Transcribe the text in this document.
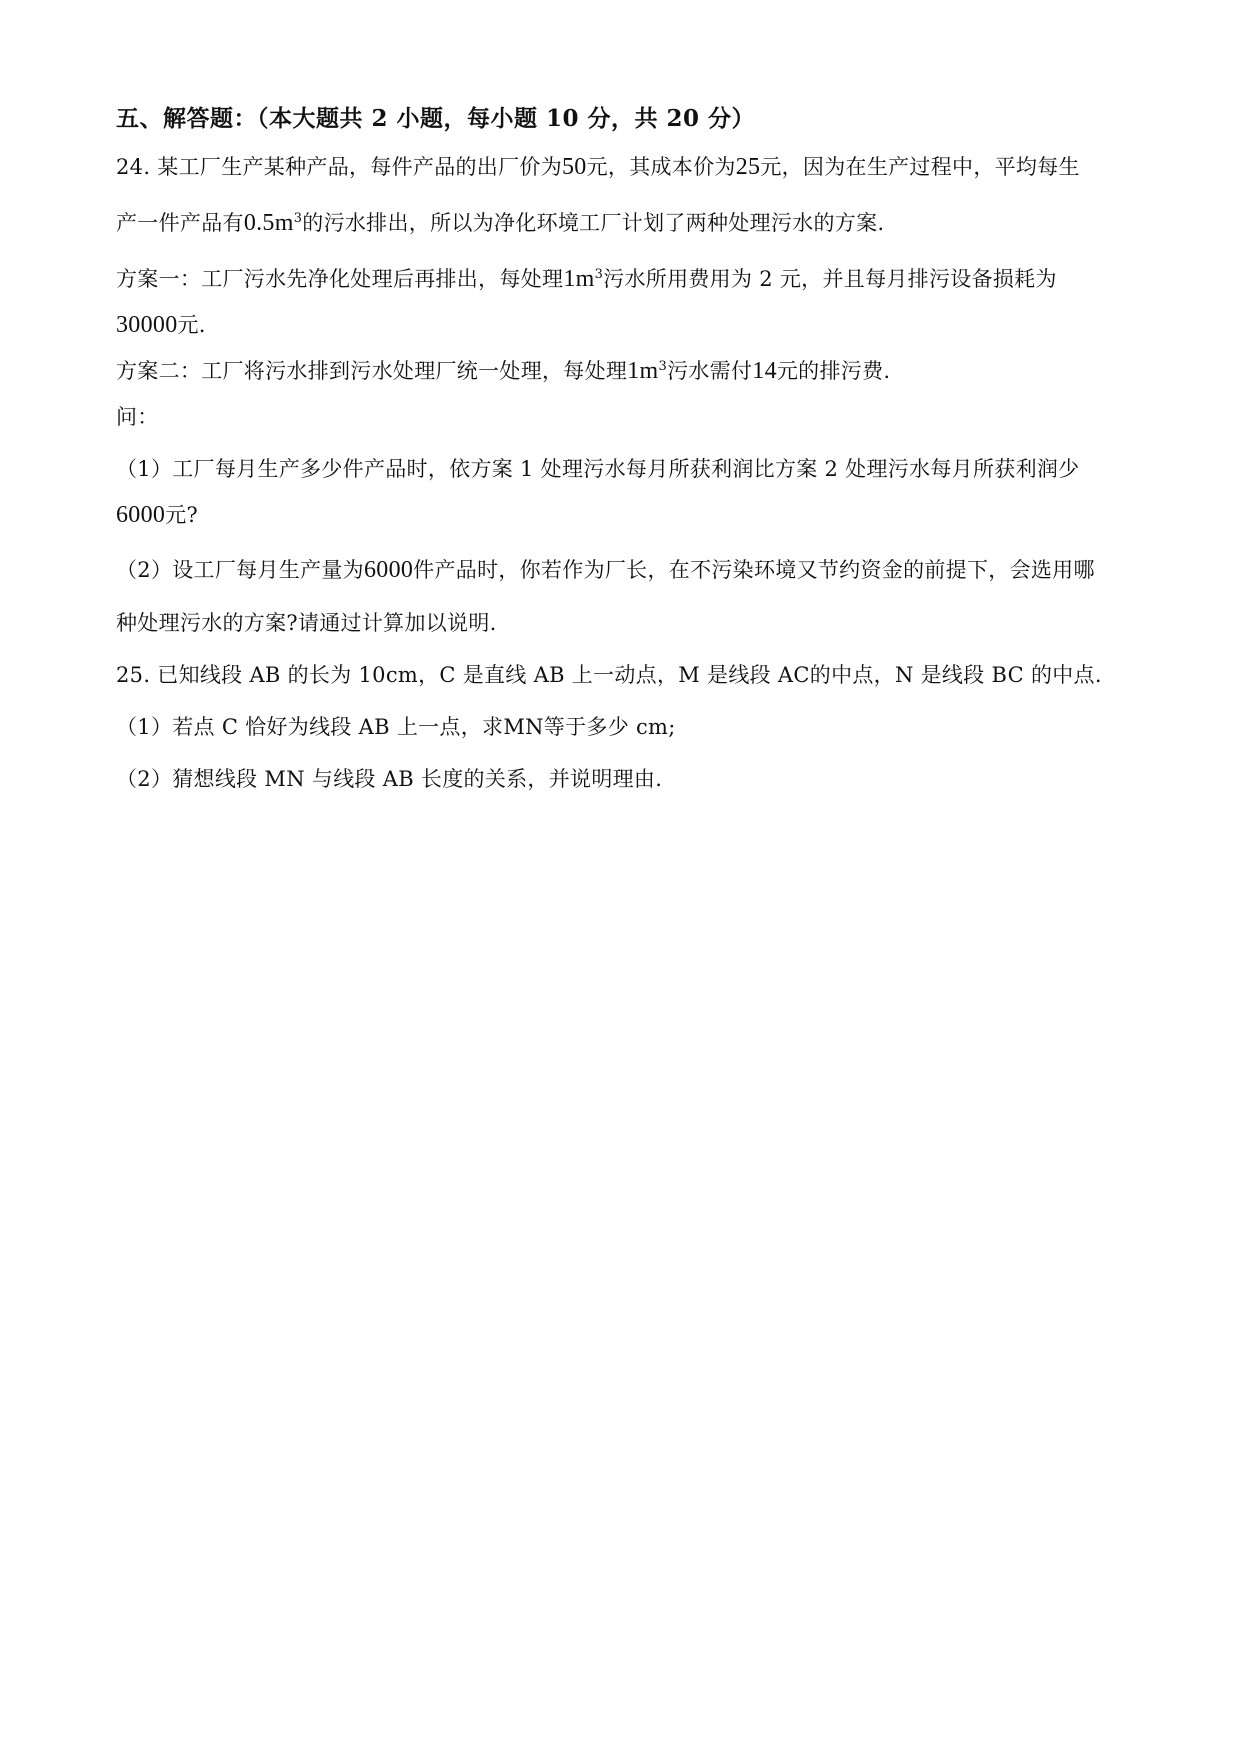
五、解答题：（本大题共 2 小题，每小题 10 分，共 20 分）
24. 某工厂生产某种产品，每件产品的出厂价为50元，其成本价为25元，因为在生产过程中，平均每生
产一件产品有$0.5m^3$的污水排出，所以为净化环境工厂计划了两种处理污水的方案.
方案一：工厂污水先净化处理后再排出，每处理$1m^3$污水所用费用为 2 元，并且每月排污设备损耗为
30000元.
方案二：工厂将污水排到污水处理厂统一处理，每处理$1m^3$污水需付14元的排污费.
问：
（1）工厂每月生产多少件产品时，依方案 1 处理污水每月所获利润比方案 2 处理污水每月所获利润少
6000元?
（2）设工厂每月生产量为6000件产品时，你若作为厂长，在不污染环境又节约资金的前提下，会选用哪
种处理污水的方案?请通过计算加以说明.
25. 已知线段 AB 的长为 10cm，C 是直线 AB 上一动点，M 是线段 AC的中点，N 是线段 BC 的中点.
（1）若点 C 恰好为线段 AB 上一点，求MN等于多少 cm;
（2）猜想线段 MN 与线段 AB 长度的关系，并说明理由.
